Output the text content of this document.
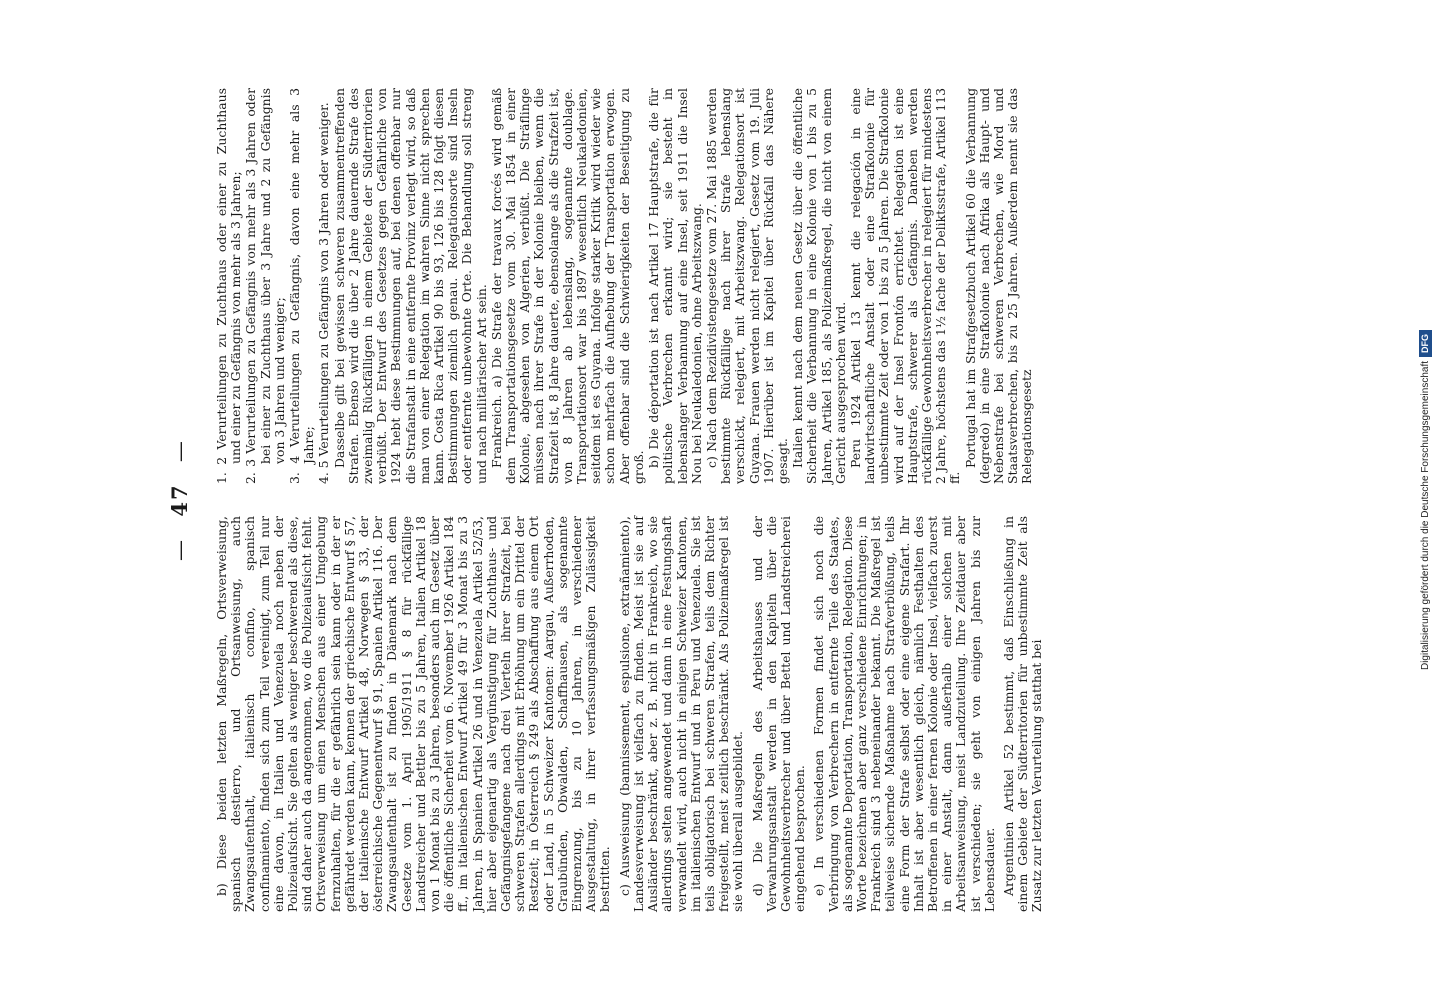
— 47 —

b) Diese beiden letzten Maßregeln, Ortsverweisung, spanisch destierro, und Ortsanweisung, auch Zwangsaufenthalt, italienisch confino, spanisch confinamiento, finden sich zum Teil vereinigt, zum Teil nur eine davon, in Italien und Venezuela noch neben der Polizeiaufsicht. Sie gelten als weniger beschwerend als diese, sind daher auch da angenommen, wo die Polizeiaufsicht fehlt. Ortsverweisung um einen Menschen aus einer Umgebung fernzuhalten, für die er gefährlich sein kann oder in der er gefährdet werden kann, kennen der griechische Entwurf § 57, der italienische Entwurf Artikel 48, Norwegen § 33, der österreichische Gegenentwurf § 91, Spanien Artikel 116. Der Zwangsaufenthalt ist zu finden in Dänemark nach dem Gesetze vom 1. April 1905/1911 § 8 für rückfällige Landstreicher und Bettler bis zu 5 Jahren, Italien Artikel 18 von 1 Monat bis zu 3 Jahren, besonders auch im Gesetz über die öffentliche Sicherheit vom 6. November 1926 Artikel 184 ff., im italienischen Entwurf Artikel 49 für 3 Monat bis zu 3 Jahren, in Spanien Artikel 26 und in Venezuela Artikel 52/53, hier aber eigenartig als Vergünstigung für Zuchthaus- und Gefängnisgefangene nach drei Vierteln ihrer Strafzeit, bei schweren Strafen allerdings mit Erhöhung um ein Drittel der Restzeit; in Österreich § 249 als Abschaffung aus einem Ort oder Land, in 5 Schweizer Kantonen: Aargau, Außerrhoden, Graubünden, Obwalden, Schaffhausen, als sogenannte Eingrenzung, bis zu 10 Jahren, in verschiedener Ausgestaltung, in ihrer verfassungsmäßigen Zulässigkeit bestritten. c) Ausweisung (bannissement, espulsione, extrañamiento), Landesverweisung ist vielfach zu finden. Meist ist sie auf Ausländer beschränkt, aber z. B. nicht in Frankreich, wo sie allerdings selten angewendet und dann in eine Festungshaft verwandelt wird, auch nicht in einigen Schweizer Kantonen, im italienischen Entwurf und in Peru und Venezuela. Sie ist teils obligatorisch bei schweren Strafen, teils dem Richter freigestellt, meist zeitlich beschränkt. Als Polizeimaßregel ist sie wohl überall ausgebildet. d) Die Maßregeln des Arbeitshauses und der Verwahrungsanstalt werden in den Kapiteln über die Gewohnheitsverbrecher und über Bettel und Landstreicherei eingehend besprochen. e) In verschiedenen Formen findet sich noch die Verbringung von Verbrechern in entfernte Teile des Staates, als sogenannte Deportation, Transportation, Relegation. Diese Worte bezeichnen aber ganz verschiedene Einrichtungen; in Frankreich sind 3 nebeneinander bekannt. Die Maßregel ist teilweise sichernde Maßnahme nach Strafverbüßung, teils eine Form der Strafe selbst oder eine eigene Strafart. Ihr Inhalt ist aber wesentlich gleich, nämlich Festhalten des Betroffenen in einer fernen Kolonie oder Insel, vielfach zuerst in einer Anstalt, dann außerhalb einer solchen mit Arbeitsanweisung, meist Landzuteilung. Ihre Zeitdauer aber ist verschieden; sie geht von einigen Jahren bis zur Lebensdauer. Argentinien Artikel 52 bestimmt, daß Einschließung in einem Gebiete der Südterritorien für unbestimmte Zeit als Zusatz zur letzten Verurteilung statthat bei

1. 2 Verurteilungen zu Zuchthaus oder einer zu Zuchthaus und einer zu Gefängnis von mehr als 3 Jahren; 2. 3 Verurteilungen zu Gefängnis von mehr als 3 Jahren oder bei einer zu Zuchthaus über 3 Jahre und 2 zu Gefängnis von 3 Jahren und weniger; 3. 4 Verurteilungen zu Gefängnis, davon eine mehr als 3 Jahre; 4. 5 Verurteilungen zu Gefängnis von 3 Jahren oder weniger. Dasselbe gilt bei gewissen schweren zusammentreffenden Strafen. Ebenso wird die über 2 Jahre dauernde Strafe des zweimalig Rückfälligen in einem Gebiete der Südterritorien verbüßt. Der Entwurf des Gesetzes gegen Gefährliche von 1924 hebt diese Bestimmungen auf, bei denen offenbar nur die Strafanstalt in eine entfernte Provinz verlegt wird, so daß man von einer Relegation im wahren Sinne nicht sprechen kann. Costa Rica Artikel 90 bis 93, 126 bis 128 folgt diesen Bestimmungen ziemlich genau. Relegationsorte sind Inseln oder entfernte unbewohnte Orte. Die Behandlung soll streng und nach militärischer Art sein. Frankreich. a) Die Strafe der travaux forcés wird gemäß dem Transportationsgesetze vom 30. Mai 1854 in einer Kolonie, abgesehen von Algerien, verbüßt. Die Sträflinge müssen nach ihrer Strafe in der Kolonie bleiben, wenn die Strafzeit ist, 8 Jahre dauerte, ebensolange als die Strafzeit ist, von 8 Jahren ab lebenslang, sogenannte doublage. Transportationsort war bis 1897 wesentlich Neukaledonien, seitdem ist es Guyana. Infolge starker Kritik wird wieder wie schon mehrfach die Aufhebung der Transportation erwogen. Aber offenbar sind die Schwierigkeiten der Beseitigung zu groß. b) Die déportation ist nach Artikel 17 Hauptstrafe, die für politische Verbrechen erkannt wird; sie besteht in lebenslanger Verbannung auf eine Insel, seit 1911 die Insel Nou bei Neukaledonien, ohne Arbeitszwang. c) Nach dem Rezidivistengesetze vom 27. Mai 1885 werden bestimmte Rückfällige nach ihrer Strafe lebenslang verschickt, relegiert, mit Arbeitszwang. Relegationsort ist Guyana. Frauen werden nicht relegiert, Gesetz vom 19. Juli 1907. Hierüber ist im Kapitel über Rückfall das Nähere gesagt. Italien kennt nach dem neuen Gesetz über die öffentliche Sicherheit die Verbannung in eine Kolonie von 1 bis zu 5 Jahren, Artikel 185, als Polizeimaßregel, die nicht von einem Gericht ausgesprochen wird. Peru 1924 Artikel 13 kennt die relegación in eine landwirtschaftliche Anstalt oder eine Strafkolonie für unbestimmte Zeit oder von 1 bis zu 5 Jahren. Die Strafkolonie wird auf der Insel Frontón errichtet. Relegation ist eine Hauptstrafe, schwerer als Gefängnis. Daneben werden rückfällige Gewohnheitsverbrecher in relegiert für mindestens 2 Jahre, höchstens das 1½ fache der Deliktsstrafe, Artikel 113 ff.

Portugal hat im Strafgesetzbuch Artikel 60 die Verbannung (degredo) in eine Strafkolonie nach Afrika als Haupt- und Nebenstrafe bei schweren Verbrechen, wie Mord und Staatsverbrechen, bis zu 25 Jahren. Außerdem nennt sie das Relegationsgesetz	Digitalisierung gefördert durch die Deutsche Forschungsgemeinschaft
DFG
